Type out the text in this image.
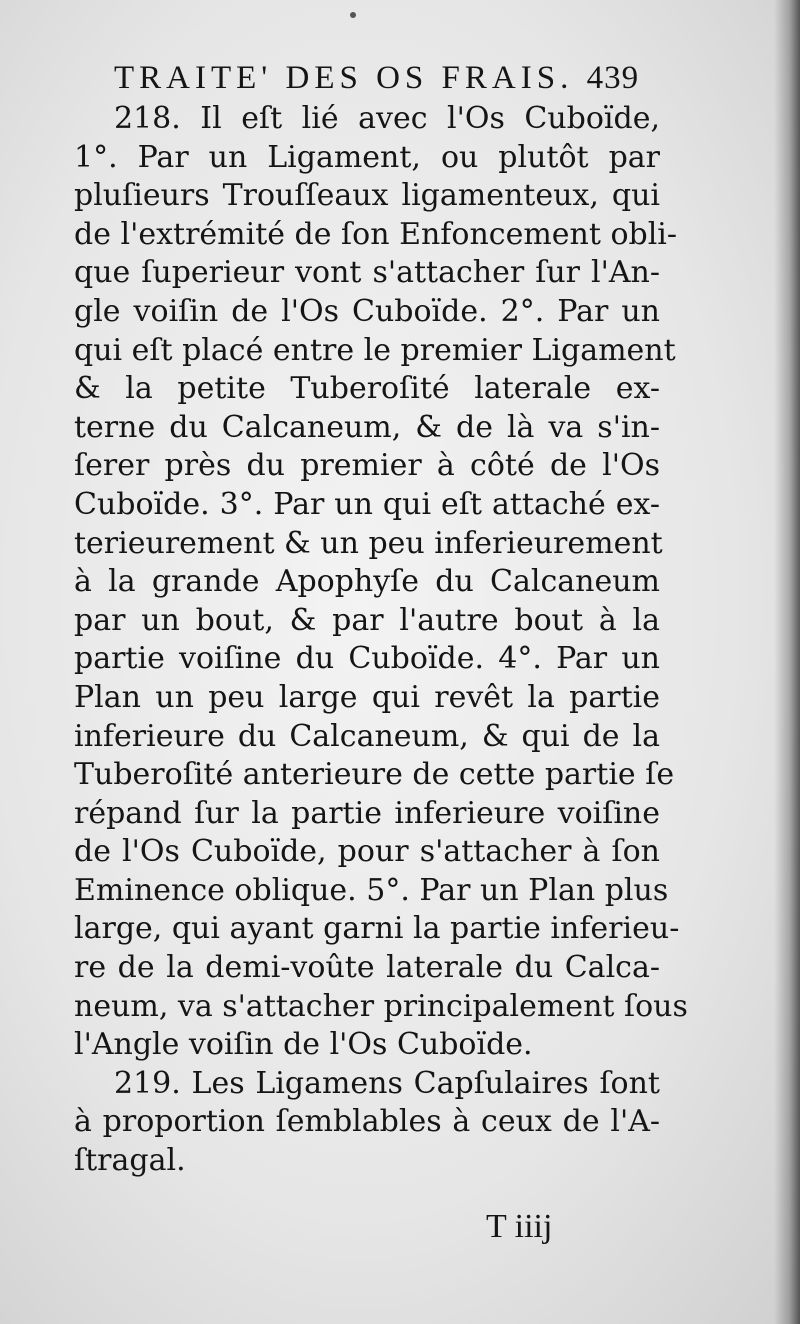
TRAITE' DES OS FRAIS. 439
218. Il eſt lié avec l'Os Cuboïde,
1°. Par un Ligament, ou plutôt par
pluſieurs Trouſſeaux ligamenteux, qui
de l'extrémité de ſon Enfoncement obli-
que ſuperieur vont s'attacher ſur l'An-
gle voiſin de l'Os Cuboïde. 2°. Par un
qui eſt placé entre le premier Ligament
& la petite Tuberoſité laterale ex-
terne du Calcaneum, & de là va s'in-
ſerer près du premier à côté de l'Os
Cuboïde. 3°. Par un qui eſt attaché ex-
terieurement & un peu inferieurement
à la grande Apophyſe du Calcaneum
par un bout, & par l'autre bout à la
partie voiſine du Cuboïde. 4°. Par un
Plan un peu large qui revêt la partie
inferieure du Calcaneum, & qui de la
Tuberoſité anterieure de cette partie ſe
répand ſur la partie inferieure voiſine
de l'Os Cuboïde, pour s'attacher à ſon
Eminence oblique. 5°. Par un Plan plus
large, qui ayant garni la partie inferieu-
re de la demi-voûte laterale du Calca-
neum, va s'attacher principalement ſous
l'Angle voiſin de l'Os Cuboïde.
219. Les Ligamens Capſulaires ſont
à proportion ſemblables à ceux de l'A-
ſtragal.
T iiij
